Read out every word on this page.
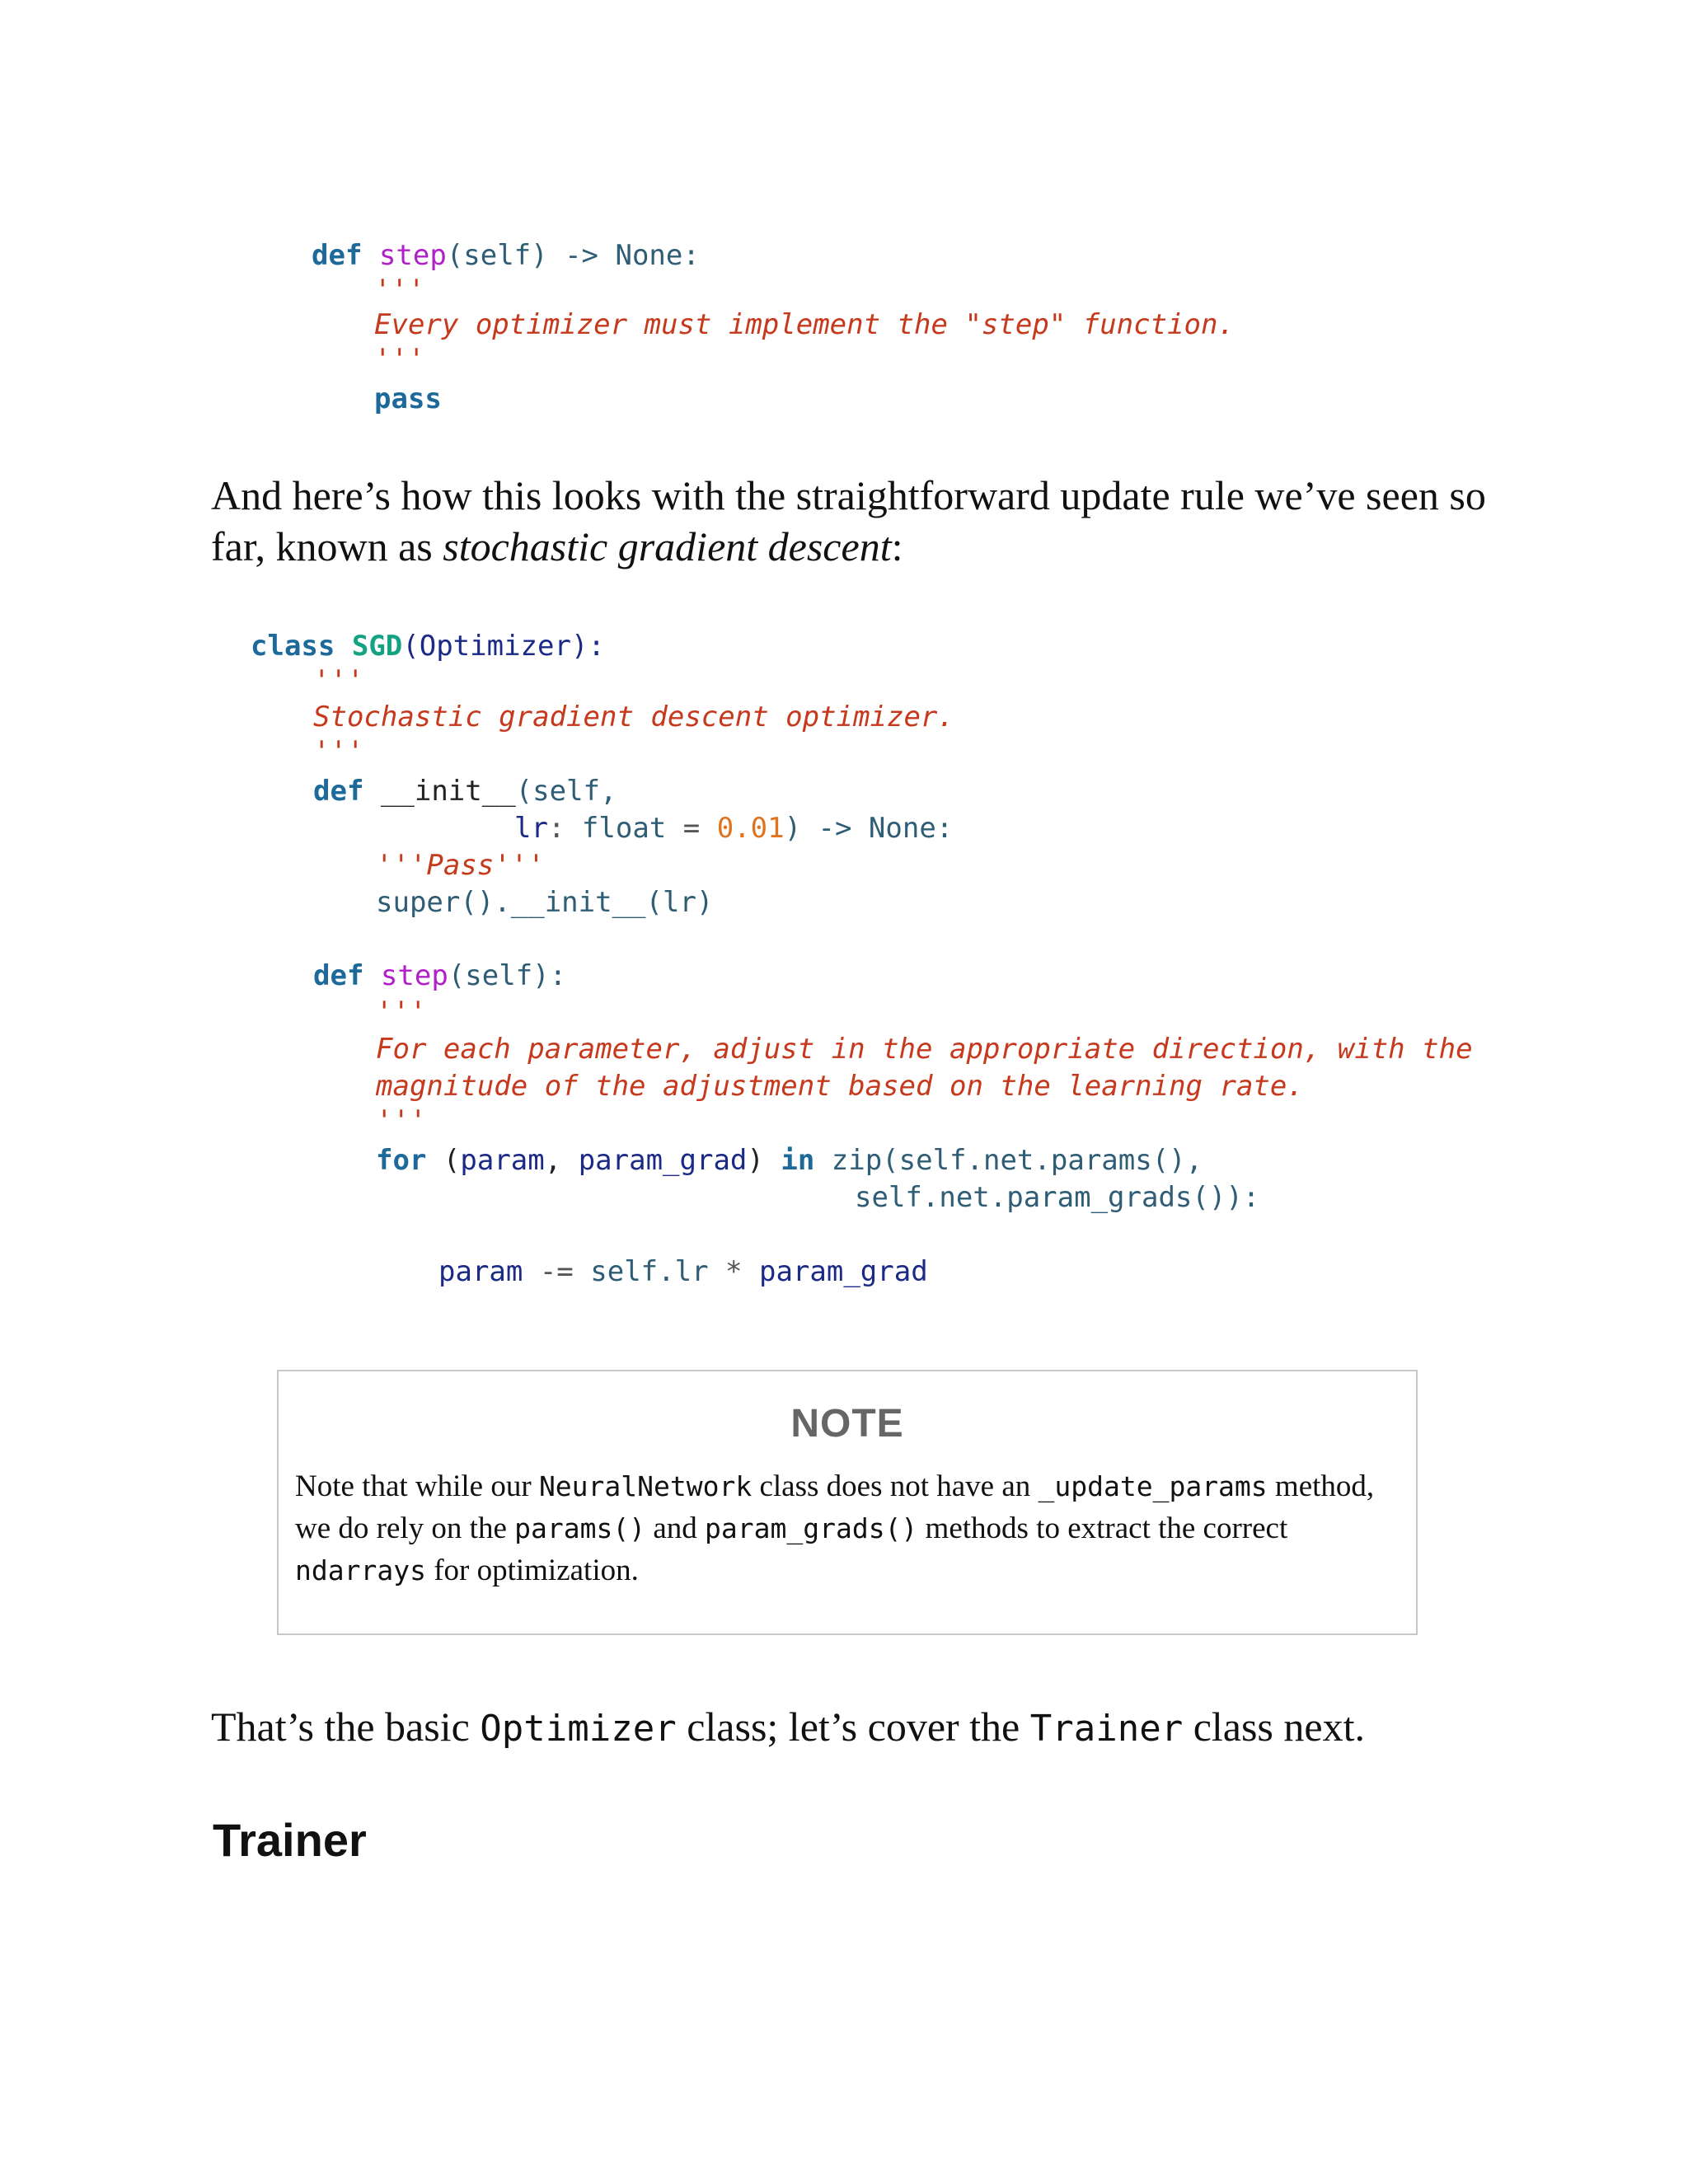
def step(self) -> None:

'''

Every optimizer must implement the "step" function.

'''

pass

And here’s how this looks with the straightforward update rule we’ve seen so far, known as stochastic gradient descent:

class SGD(Optimizer):

'''

Stochastic gradient descent optimizer.

'''

def __init__(self,

lr: float = 0.01) -> None:

'''Pass'''

super().__init__(lr)

def step(self):

'''

For each parameter, adjust in the appropriate direction, with the

magnitude of the adjustment based on the learning rate.

'''

for (param, param_grad) in zip(self.net.params(),

self.net.param_grads()):

param -= self.lr * param_grad

NOTE
Note that while our NeuralNetwork class does not have an _update_params method, we do rely on the params() and param_grads() methods to extract the correct ndarrays for optimization.

That’s the basic Optimizer class; let’s cover the Trainer class next.

Trainer
